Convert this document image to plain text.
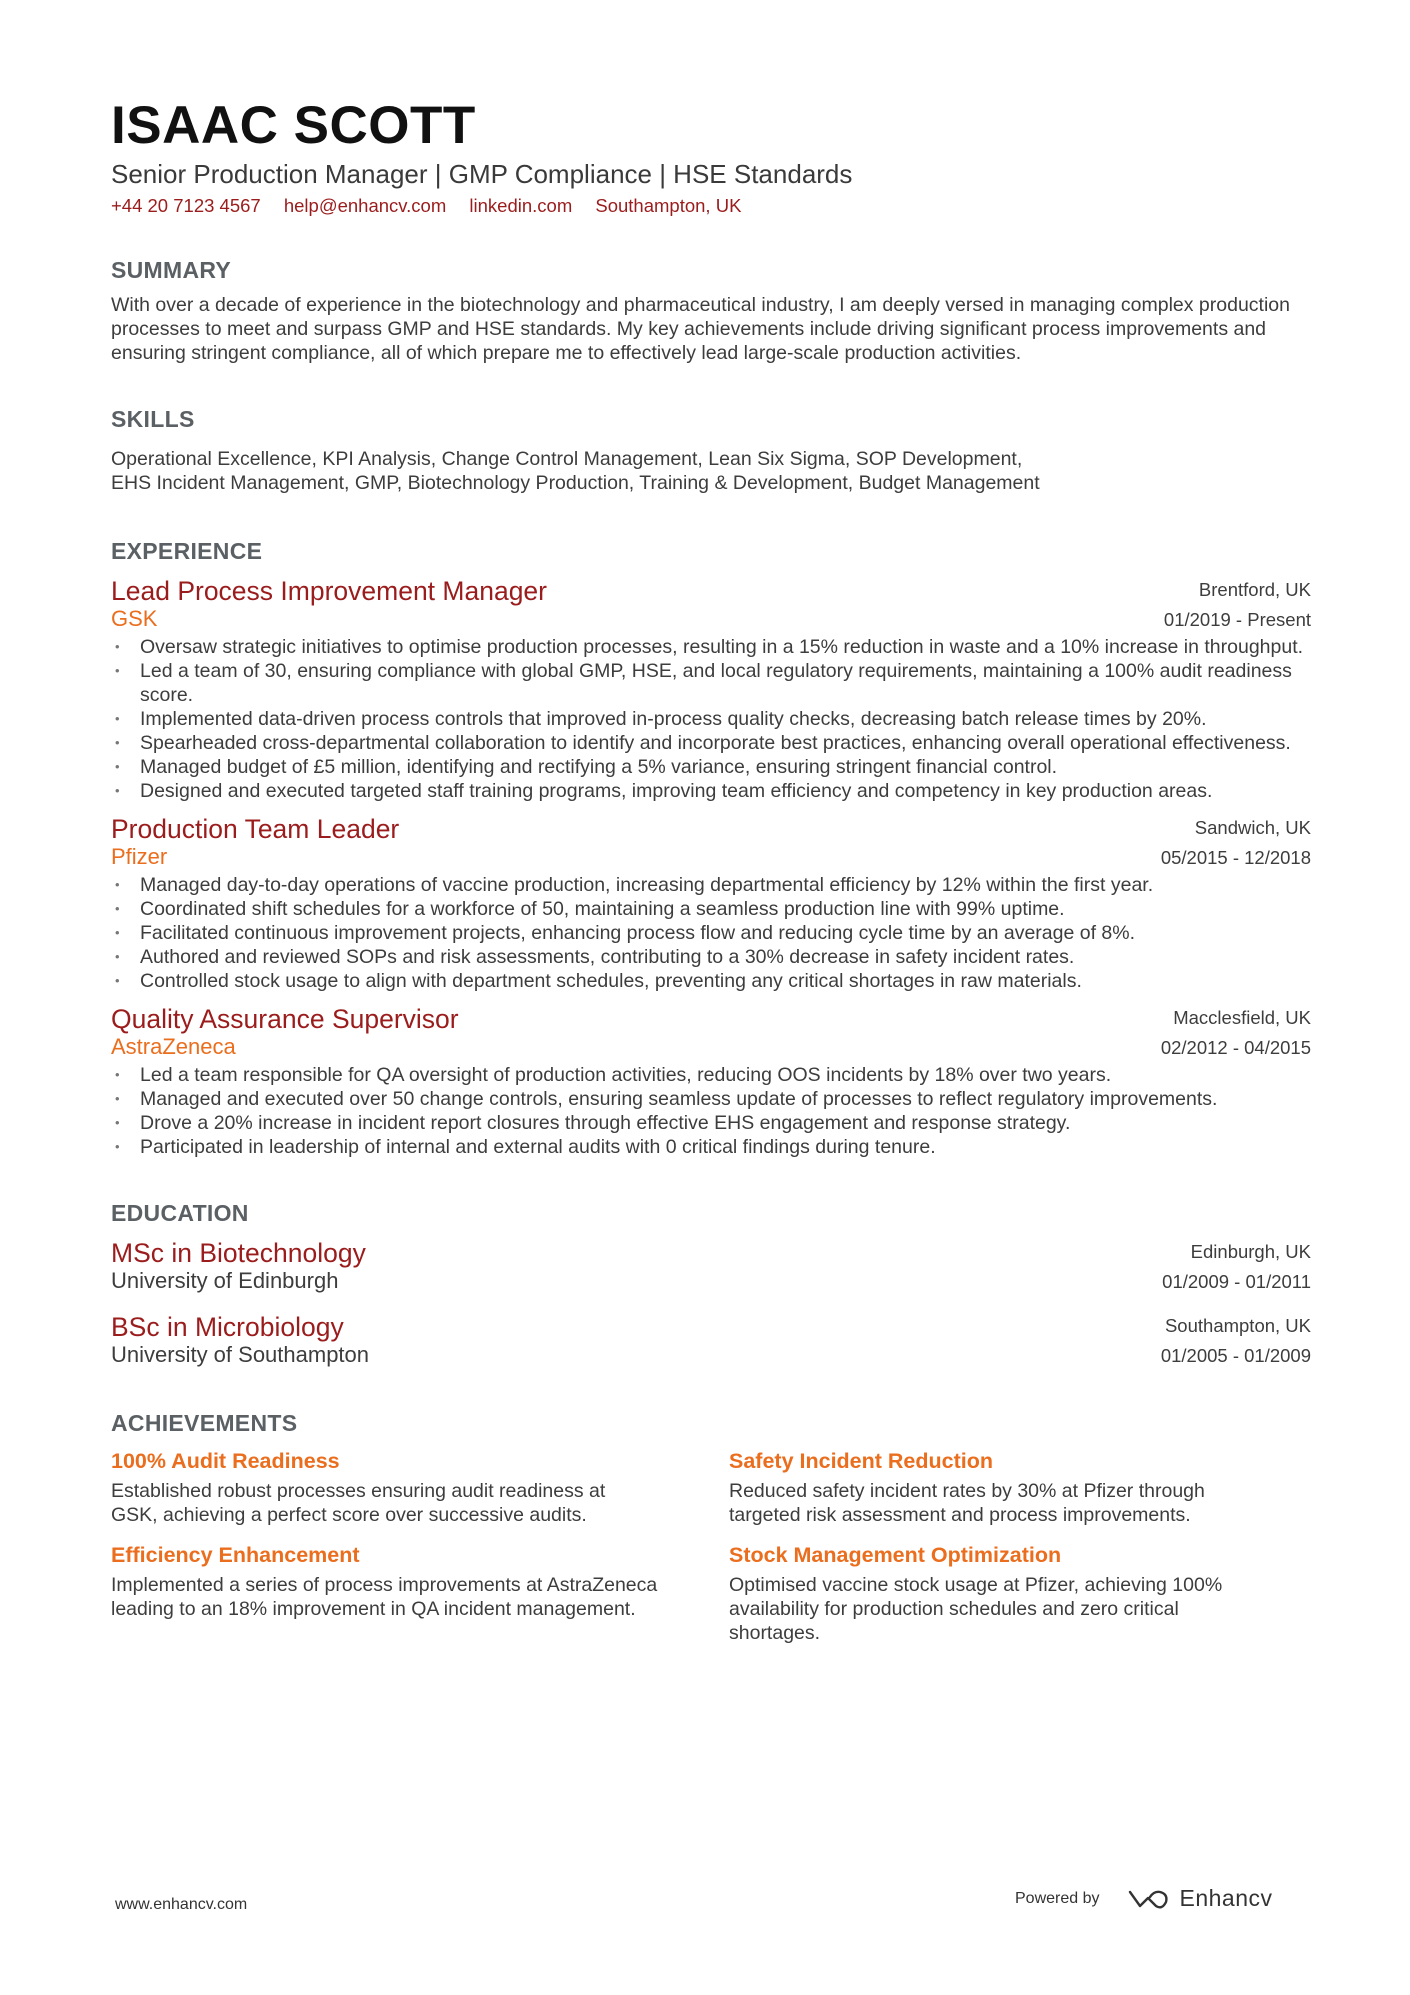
ISAAC SCOTT
Senior Production Manager | GMP Compliance | HSE Standards
+44 20 7123 4567 help@enhancv.com linkedin.com Southampton, UK
SUMMARY
With over a decade of experience in the biotechnology and pharmaceutical industry, I am deeply versed in managing complex production processes to meet and surpass GMP and HSE standards. My key achievements include driving significant process improvements and ensuring stringent compliance, all of which prepare me to effectively lead large-scale production activities.
SKILLS
Operational Excellence, KPI Analysis, Change Control Management, Lean Six Sigma, SOP Development,
EHS Incident Management, GMP, Biotechnology Production, Training & Development, Budget Management
EXPERIENCE
Lead Process Improvement Manager
GSK
Brentford, UK
01/2019 - Present
• Oversaw strategic initiatives to optimise production processes, resulting in a 15% reduction in waste and a 10% increase in throughput.
• Led a team of 30, ensuring compliance with global GMP, HSE, and local regulatory requirements, maintaining a 100% audit readiness score.
• Implemented data-driven process controls that improved in-process quality checks, decreasing batch release times by 20%.
• Spearheaded cross-departmental collaboration to identify and incorporate best practices, enhancing overall operational effectiveness.
• Managed budget of £5 million, identifying and rectifying a 5% variance, ensuring stringent financial control.
• Designed and executed targeted staff training programs, improving team efficiency and competency in key production areas.
Production Team Leader
Pfizer
Sandwich, UK
05/2015 - 12/2018
• Managed day-to-day operations of vaccine production, increasing departmental efficiency by 12% within the first year.
• Coordinated shift schedules for a workforce of 50, maintaining a seamless production line with 99% uptime.
• Facilitated continuous improvement projects, enhancing process flow and reducing cycle time by an average of 8%.
• Authored and reviewed SOPs and risk assessments, contributing to a 30% decrease in safety incident rates.
• Controlled stock usage to align with department schedules, preventing any critical shortages in raw materials.
Quality Assurance Supervisor
AstraZeneca
Macclesfield, UK
02/2012 - 04/2015
• Led a team responsible for QA oversight of production activities, reducing OOS incidents by 18% over two years.
• Managed and executed over 50 change controls, ensuring seamless update of processes to reflect regulatory improvements.
• Drove a 20% increase in incident report closures through effective EHS engagement and response strategy.
• Participated in leadership of internal and external audits with 0 critical findings during tenure.
EDUCATION
MSc in Biotechnology
University of Edinburgh
Edinburgh, UK
01/2009 - 01/2011
BSc in Microbiology
University of Southampton
Southampton, UK
01/2005 - 01/2009
ACHIEVEMENTS
100% Audit Readiness
Established robust processes ensuring audit readiness at GSK, achieving a perfect score over successive audits.
Safety Incident Reduction
Reduced safety incident rates by 30% at Pfizer through targeted risk assessment and process improvements.
Efficiency Enhancement
Implemented a series of process improvements at AstraZeneca leading to an 18% improvement in QA incident management.
Stock Management Optimization
Optimised vaccine stock usage at Pfizer, achieving 100% availability for production schedules and zero critical shortages.
www.enhancv.com	Powered by	Enhancv
